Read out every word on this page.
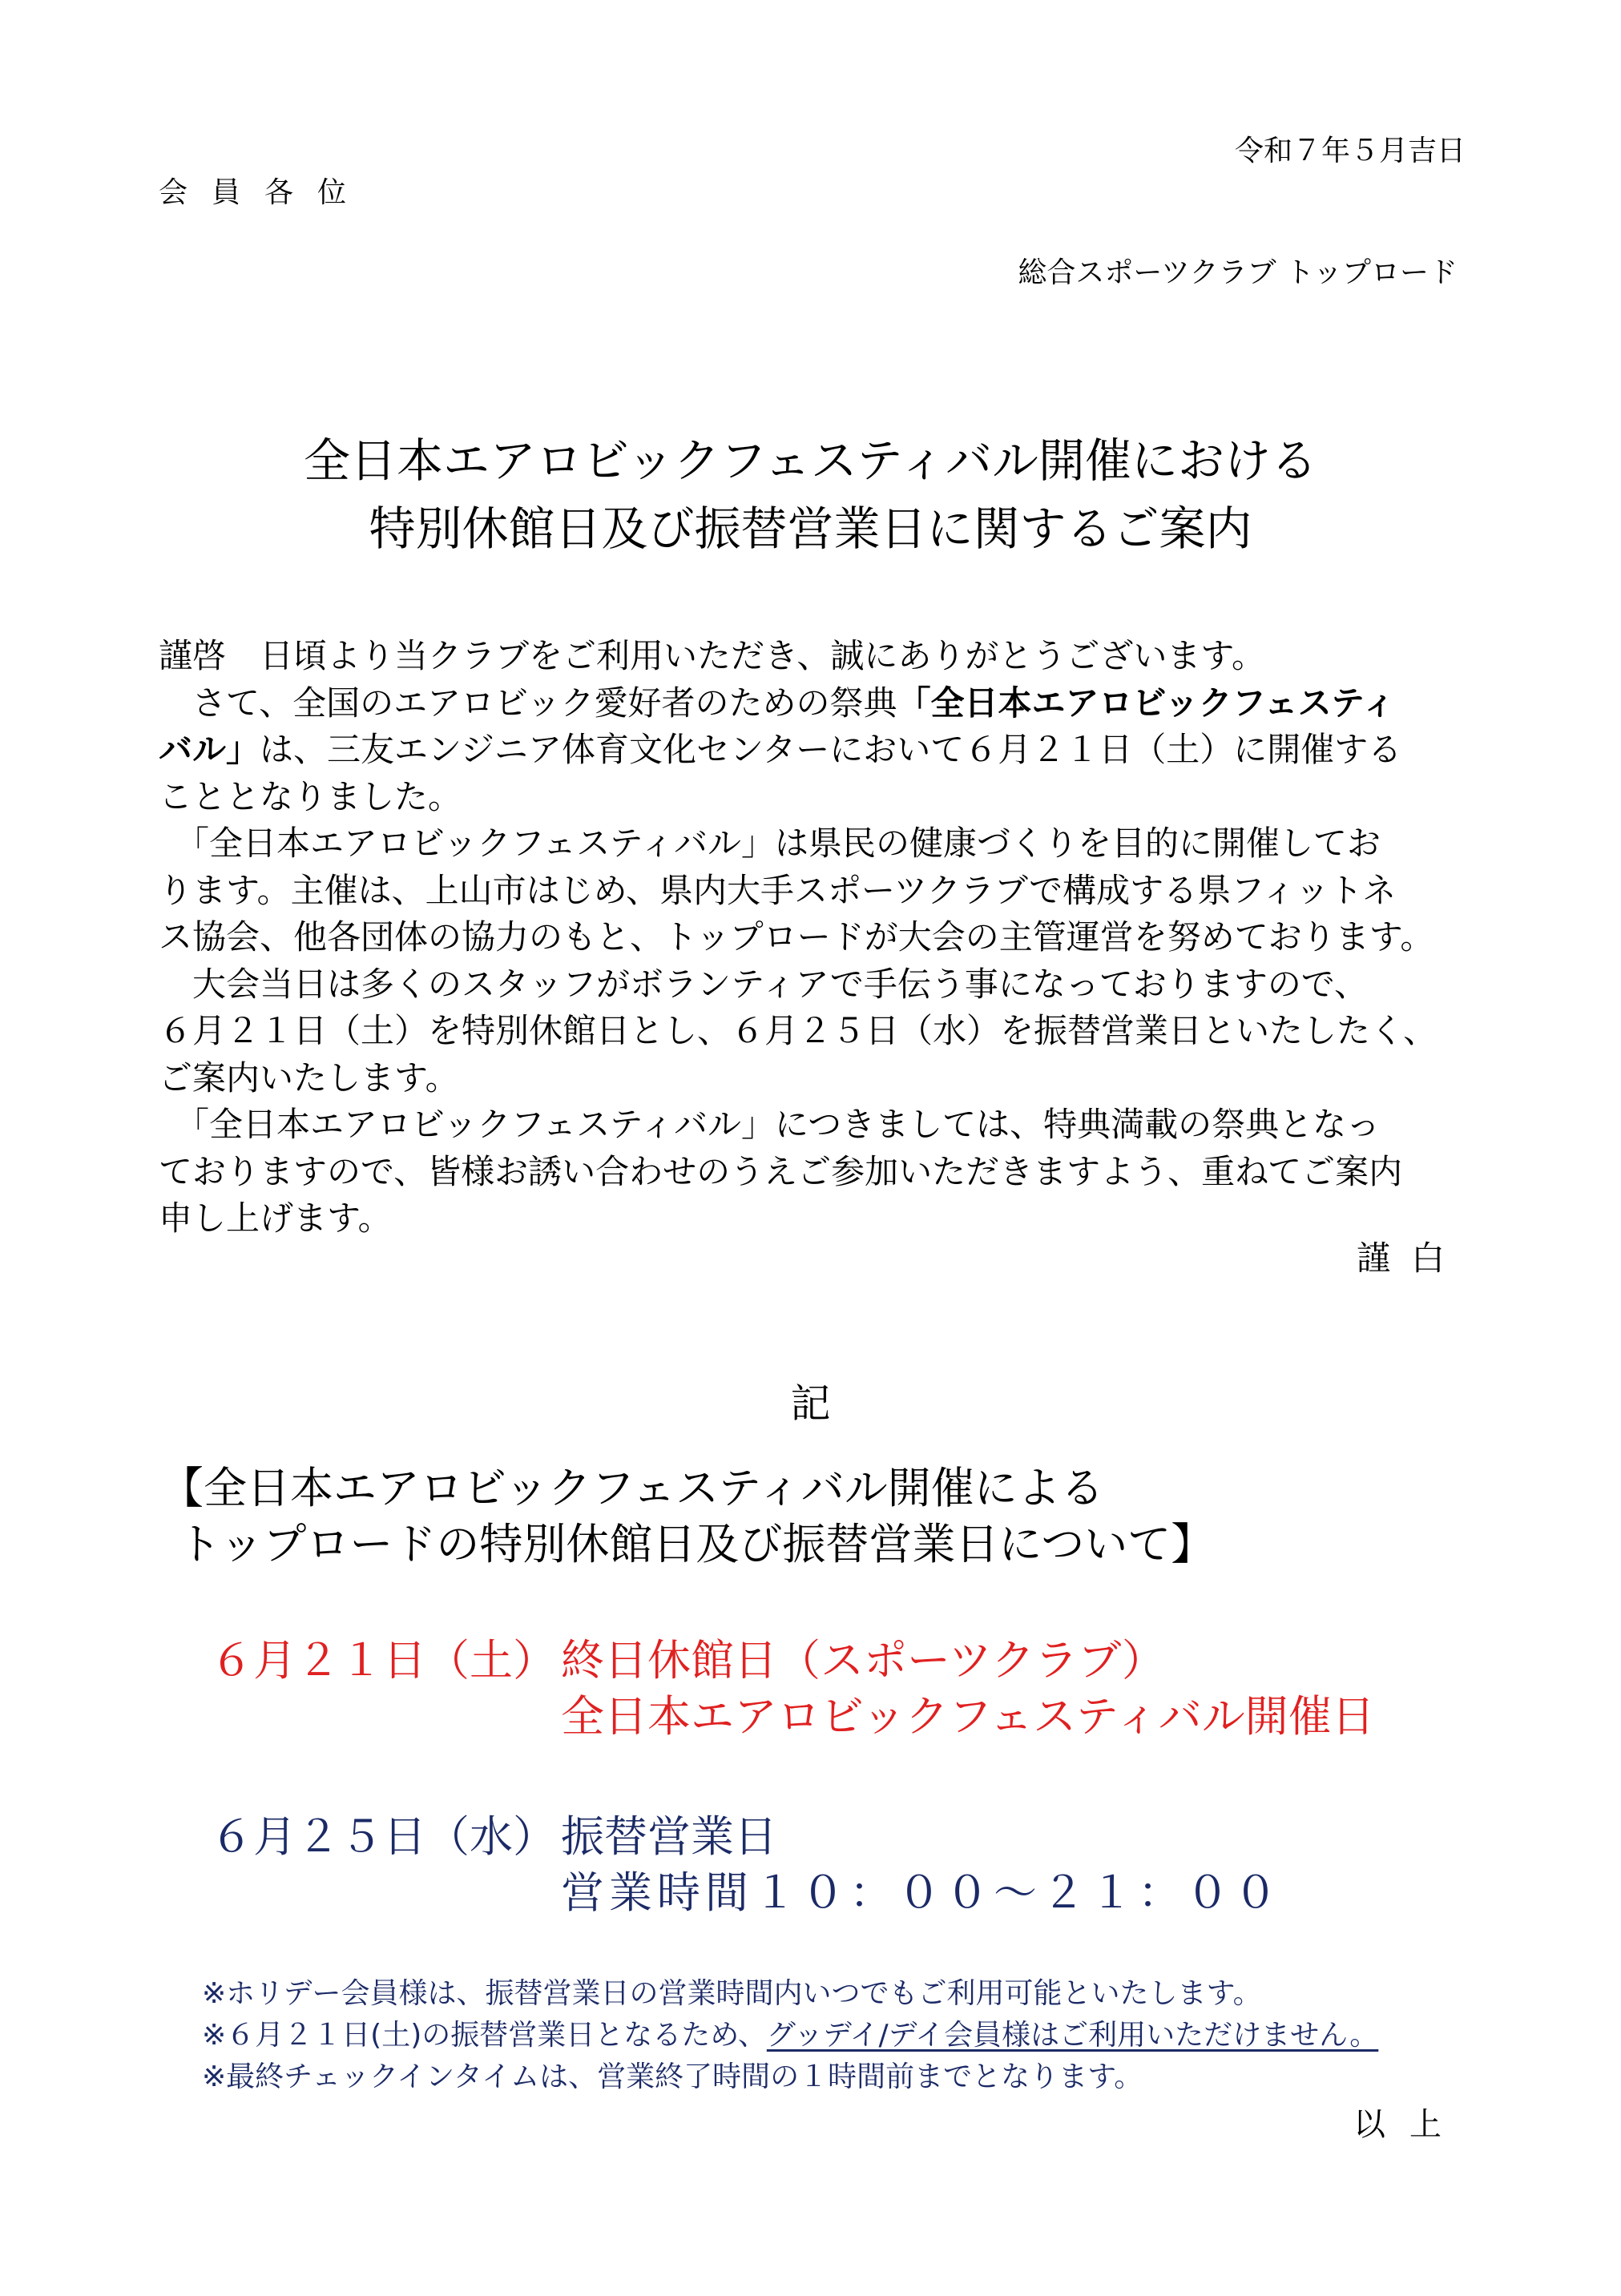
令和７年５月吉日
会員各位
総合スポーツクラブ トップロード
全日本エアロビックフェスティバル開催における
特別休館日及び振替営業日に関するご案内

謹啓　日頃より当クラブをご利用いただき、誠にありがとうございます。

　さて、全国のエアロビック愛好者のための祭典「全日本エアロビックフェスティ

バル」は、三友エンジニア体育文化センターにおいて６月２１日（土）に開催する

こととなりました。

　「全日本エアロビックフェスティバル」は県民の健康づくりを目的に開催してお

ります。主催は、上山市はじめ、県内大手スポーツクラブで構成する県フィットネ

ス協会、他各団体の協力のもと、トップロードが大会の主管運営を努めております。

　大会当日は多くのスタッフがボランティアで手伝う事になっておりますので、

６月２１日（土）を特別休館日とし、６月２５日（水）を振替営業日といたしたく、

ご案内いたします。

　「全日本エアロビックフェスティバル」につきましては、特典満載の祭典となっ

ておりますので、皆様お誘い合わせのうえご参加いただきますよう、重ねてご案内

申し上げます。

謹白
記
【全日本エアロビックフェスティバル開催による
トップロードの特別休館日及び振替営業日について】
６月２１日（土） 終日休館日（スポーツクラブ）
全日本エアロビックフェスティバル開催日
６月２５日（水） 振替営業日
営業時間１０：００～２１：００
※ホリデー会員様は、振替営業日の営業時間内いつでもご利用可能といたします。
※６月２１日(土)の振替営業日となるため、グッデイ/デイ会員様はご利用いただけません。
※最終チェックインタイムは、営業終了時間の１時間前までとなります。
以上
